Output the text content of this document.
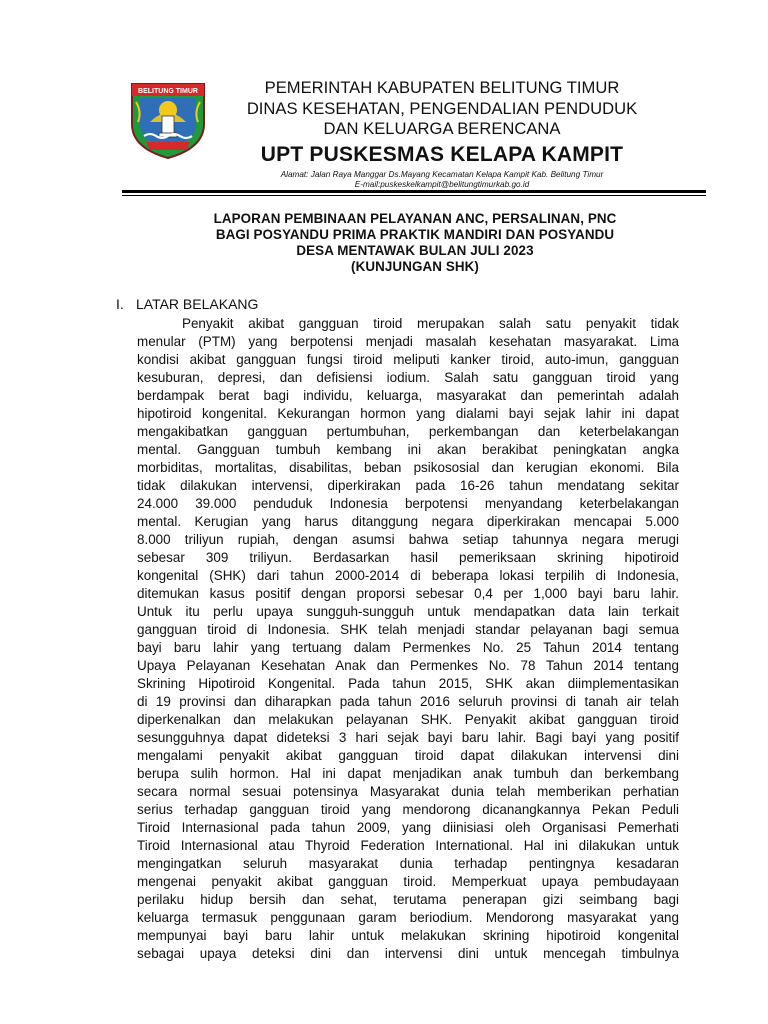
BELITUNG TIMUR	PEMERINTAH KABUPATEN BELITUNG TIMUR
DINAS KESEHATAN, PENGENDALIAN PENDUDUK
DAN KELUARGA BERENCANA
UPT PUSKESMAS KELAPA KAMPIT
Alamat: Jalan Raya Manggar Ds.Mayang Kecamatan Kelapa Kampit Kab. Belitung Timur
E-mail:puskeskelkampit@belitungtimurkab.go.id
LAPORAN PEMBINAAN PELAYANAN ANC, PERSALINAN, PNC
BAGI POSYANDU PRIMA PRAKTIK MANDIRI DAN POSYANDU
DESA MENTAWAK BULAN JULI 2023
(KUNJUNGAN SHK)
I. LATAR BELAKANG
Penyakit akibat gangguan tiroid merupakan salah satu penyakit tidak
menular (PTM) yang berpotensi menjadi masalah kesehatan masyarakat. Lima
kondisi akibat gangguan fungsi tiroid meliputi kanker tiroid, auto-imun, gangguan
kesuburan, depresi, dan defisiensi iodium. Salah satu gangguan tiroid yang
berdampak berat bagi individu, keluarga, masyarakat dan pemerintah adalah
hipotiroid kongenital. Kekurangan hormon yang dialami bayi sejak lahir ini dapat
mengakibatkan gangguan pertumbuhan, perkembangan dan keterbelakangan
mental. Gangguan tumbuh kembang ini akan berakibat peningkatan angka
morbiditas, mortalitas, disabilitas, beban psikososial dan kerugian ekonomi. Bila
tidak dilakukan intervensi, diperkirakan pada 16-26 tahun mendatang sekitar
24.000 39.000 penduduk Indonesia berpotensi menyandang keterbelakangan
mental. Kerugian yang harus ditanggung negara diperkirakan mencapai 5.000
8.000 triliyun rupiah, dengan asumsi bahwa setiap tahunnya negara merugi
sebesar 309 triliyun. Berdasarkan hasil pemeriksaan skrining hipotiroid
kongenital (SHK) dari tahun 2000-2014 di beberapa lokasi terpilih di Indonesia,
ditemukan kasus positif dengan proporsi sebesar 0,4 per 1,000 bayi baru lahir.
Untuk itu perlu upaya sungguh-sungguh untuk mendapatkan data lain terkait
gangguan tiroid di Indonesia. SHK telah menjadi standar pelayanan bagi semua
bayi baru lahir yang tertuang dalam Permenkes No. 25 Tahun 2014 tentang
Upaya Pelayanan Kesehatan Anak dan Permenkes No. 78 Tahun 2014 tentang
Skrining Hipotiroid Kongenital. Pada tahun 2015, SHK akan diimplementasikan
di 19 provinsi dan diharapkan pada tahun 2016 seluruh provinsi di tanah air telah
diperkenalkan dan melakukan pelayanan SHK. Penyakit akibat gangguan tiroid
sesungguhnya dapat dideteksi 3 hari sejak bayi baru lahir. Bagi bayi yang positif
mengalami penyakit akibat gangguan tiroid dapat dilakukan intervensi dini
berupa sulih hormon. Hal ini dapat menjadikan anak tumbuh dan berkembang
secara normal sesuai potensinya Masyarakat dunia telah memberikan perhatian
serius terhadap gangguan tiroid yang mendorong dicanangkannya Pekan Peduli
Tiroid Internasional pada tahun 2009, yang diinisiasi oleh Organisasi Pemerhati
Tiroid Internasional atau Thyroid Federation International. Hal ini dilakukan untuk
mengingatkan seluruh masyarakat dunia terhadap pentingnya kesadaran
mengenai penyakit akibat gangguan tiroid. Memperkuat upaya pembudayaan
perilaku hidup bersih dan sehat, terutama penerapan gizi seimbang bagi
keluarga termasuk penggunaan garam beriodium. Mendorong masyarakat yang
mempunyai bayi baru lahir untuk melakukan skrining hipotiroid kongenital
sebagai upaya deteksi dini dan intervensi dini untuk mencegah timbulnya
